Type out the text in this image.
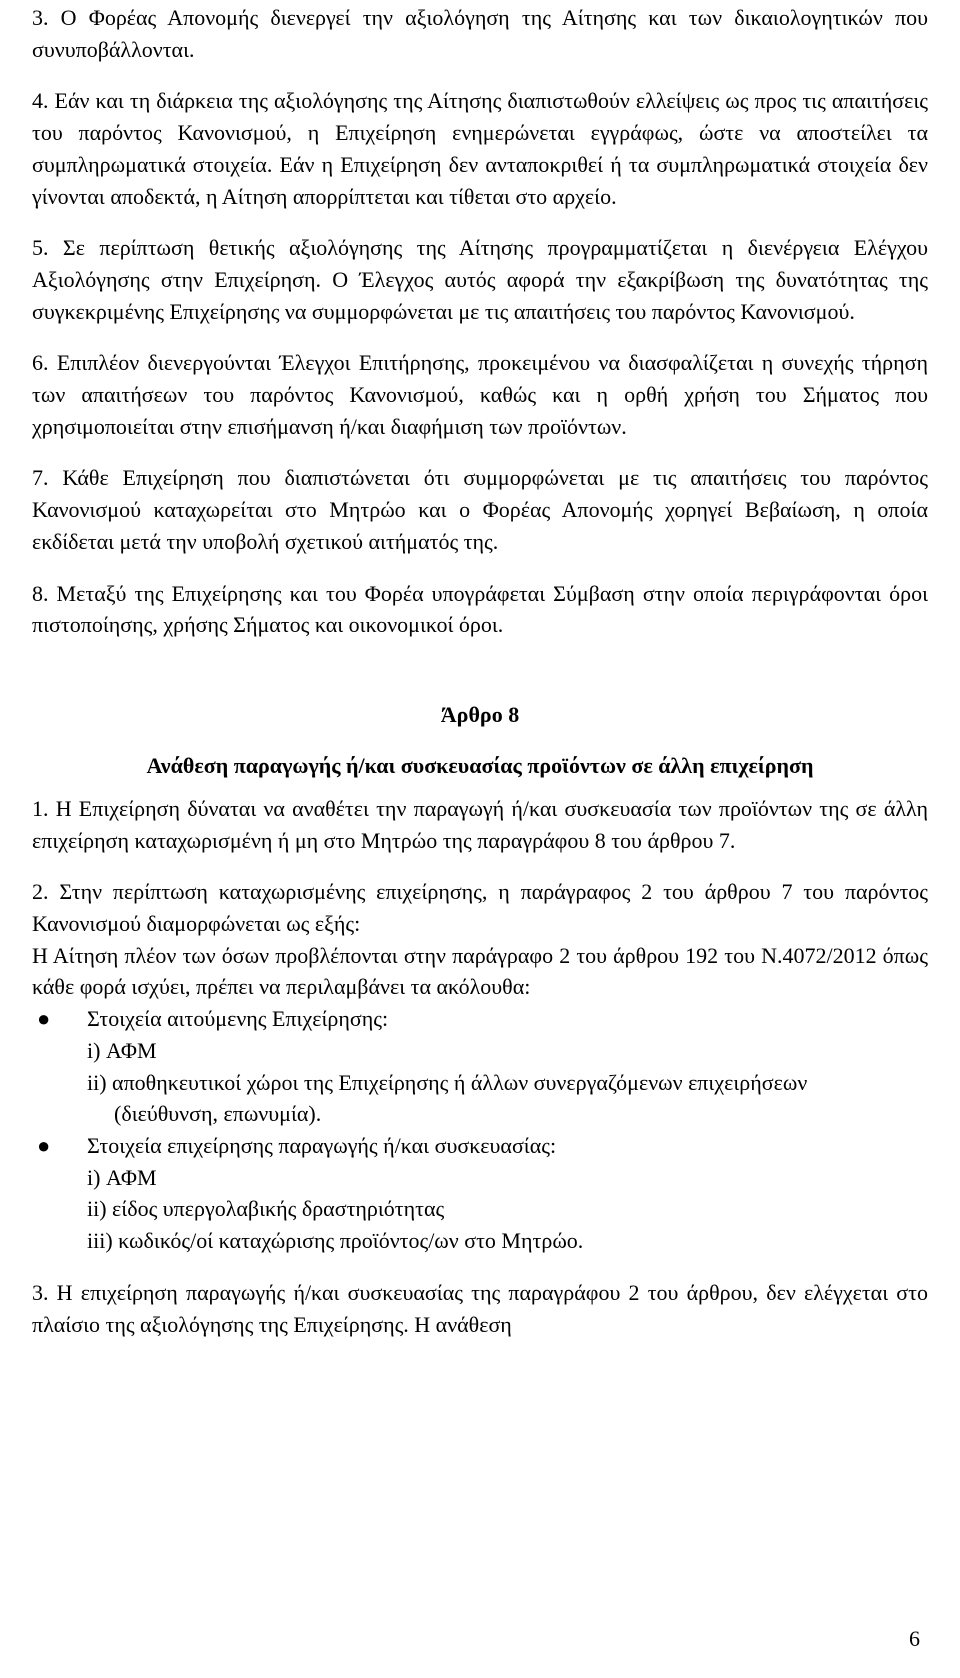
3. Ο Φορέας Απονομής διενεργεί την αξιολόγηση της Αίτησης και των δικαιολογητικών που συνυποβάλλονται.

4. Εάν και τη διάρκεια της αξιολόγησης της Αίτησης διαπιστωθούν ελλείψεις ως προς τις απαιτήσεις του παρόντος Κανονισμού, η Επιχείρηση ενημερώνεται εγγράφως, ώστε να αποστείλει τα συμπληρωματικά στοιχεία. Εάν η Επιχείρηση δεν ανταποκριθεί ή τα συμπληρωματικά στοιχεία δεν γίνονται αποδεκτά, η Αίτηση απορρίπτεται και τίθεται στο αρχείο.

5. Σε περίπτωση θετικής αξιολόγησης της Αίτησης προγραμματίζεται η διενέργεια Ελέγχου Αξιολόγησης στην Επιχείρηση. Ο Έλεγχος αυτός αφορά την εξακρίβωση της δυνατότητας της συγκεκριμένης Επιχείρησης να συμμορφώνεται με τις απαιτήσεις του παρόντος Κανονισμού.

6. Επιπλέον διενεργούνται Έλεγχοι Επιτήρησης, προκειμένου να διασφαλίζεται η συνεχής τήρηση των απαιτήσεων του παρόντος Κανονισμού, καθώς και η ορθή χρήση του Σήματος που χρησιμοποιείται στην επισήμανση ή/και διαφήμιση των προϊόντων.

7. Κάθε Επιχείρηση που διαπιστώνεται ότι συμμορφώνεται με τις απαιτήσεις του παρόντος Κανονισμού καταχωρείται στο Μητρώο και ο Φορέας Απονομής χορηγεί Βεβαίωση, η οποία εκδίδεται μετά την υποβολή σχετικού αιτήματός της.

8. Μεταξύ της Επιχείρησης και του Φορέα υπογράφεται Σύμβαση στην οποία περιγράφονται όροι πιστοποίησης, χρήσης Σήματος και οικονομικοί όροι.

Άρθρο 8

Ανάθεση παραγωγής ή/και συσκευασίας προϊόντων σε άλλη επιχείρηση

1. Η Επιχείρηση δύναται να αναθέτει την παραγωγή ή/και συσκευασία των προϊόντων της σε άλλη επιχείρηση καταχωρισμένη ή μη στο Μητρώο της παραγράφου 8 του άρθρου 7.

2. Στην περίπτωση καταχωρισμένης επιχείρησης, η παράγραφος 2 του άρθρου 7 του παρόντος Κανονισμού διαμορφώνεται ως εξής:

Η Αίτηση πλέον των όσων προβλέπονται στην παράγραφο 2 του άρθρου 192 του Ν.4072/2012 όπως κάθε φορά ισχύει, πρέπει να περιλαμβάνει τα ακόλουθα:

●	Στοιχεία αιτούμενης Επιχείρησης:

i) ΑΦΜ

ii) αποθηκευτικοί χώροι της Επιχείρησης ή άλλων συνεργαζόμενων επιχειρήσεων

(διεύθυνση, επωνυμία).

●	Στοιχεία επιχείρησης παραγωγής ή/και συσκευασίας:

i) ΑΦΜ

ii) είδος υπεργολαβικής δραστηριότητας

iii) κωδικός/οί καταχώρισης προϊόντος/ων στο Μητρώο.

3. Η επιχείρηση παραγωγής ή/και συσκευασίας της παραγράφου 2 του άρθρου, δεν ελέγχεται στο πλαίσιο της αξιολόγησης της Επιχείρησης. Η ανάθεση

6
